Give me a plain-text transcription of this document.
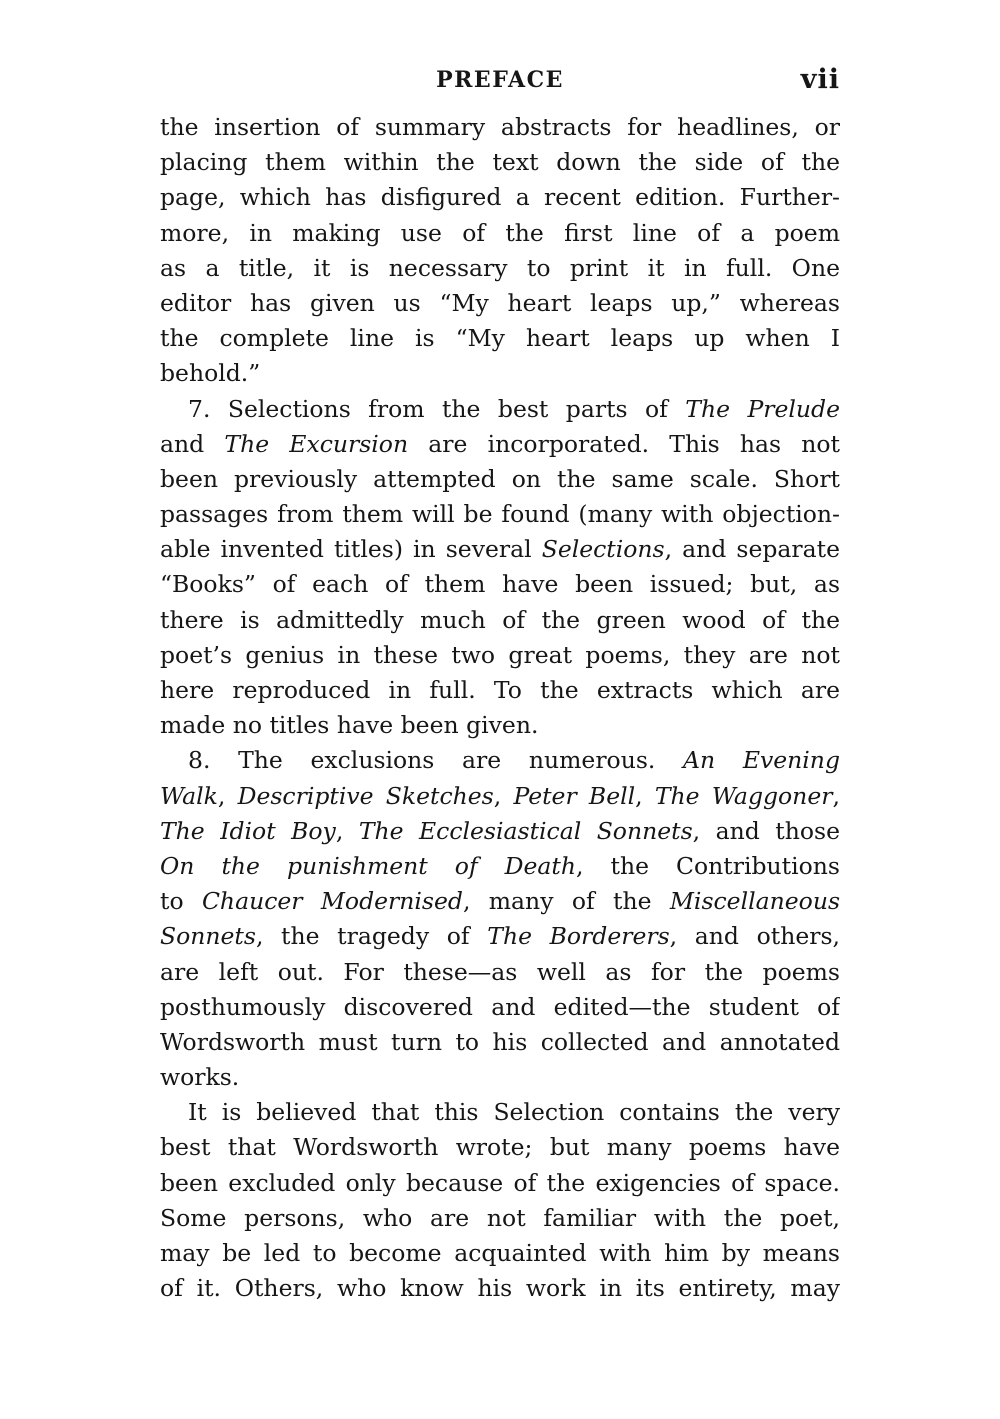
PREFACE	vii
the insertion of summary abstracts for headlines, or
placing them within the text down the side of the
page, which has disfigured a recent edition. Further-
more, in making use of the first line of a poem
as a title, it is necessary to print it in full. One
editor has given us “My heart leaps up,” whereas
the complete line is “My heart leaps up when I
behold.”
7. Selections from the best parts of The Prelude
and The Excursion are incorporated. This has not
been previously attempted on the same scale. Short
passages from them will be found (many with objection-
able invented titles) in several Selections, and separate
“Books” of each of them have been issued; but, as
there is admittedly much of the green wood of the
poet’s genius in these two great poems, they are not
here reproduced in full. To the extracts which are
made no titles have been given.
8. The exclusions are numerous. An Evening
Walk, Descriptive Sketches, Peter Bell, The Waggoner,
The Idiot Boy, The Ecclesiastical Sonnets, and those
On the punishment of Death, the Contributions
to Chaucer Modernised, many of the Miscellaneous
Sonnets, the tragedy of The Borderers, and others,
are left out. For these—as well as for the poems
posthumously discovered and edited—the student of
Wordsworth must turn to his collected and annotated
works.
It is believed that this Selection contains the very
best that Wordsworth wrote; but many poems have
been excluded only because of the exigencies of space.
Some persons, who are not familiar with the poet,
may be led to become acquainted with him by means
of it. Others, who know his work in its entirety, may
